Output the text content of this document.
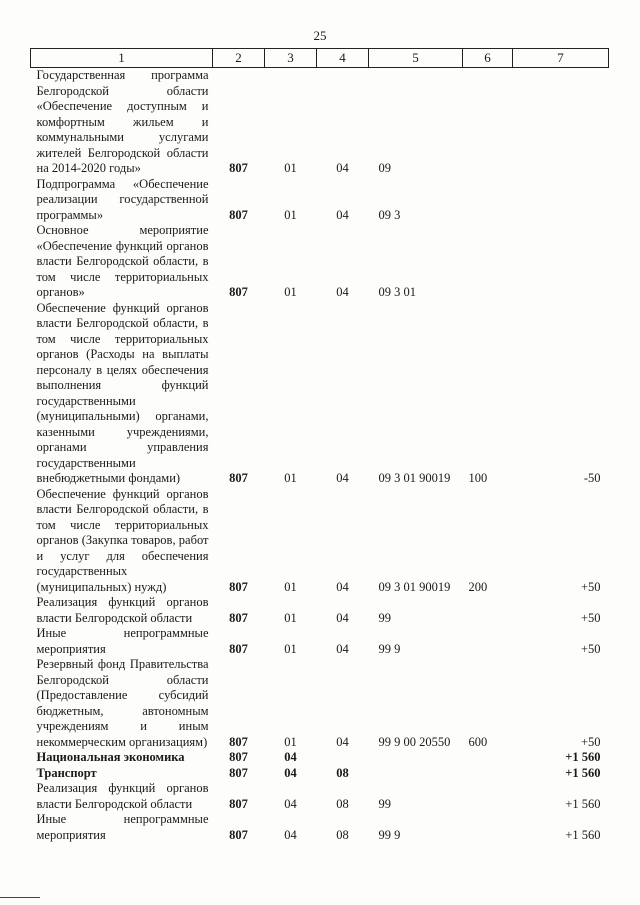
25
1	2	3	4	5	6	7
Государственная программа Белгородской области «Обеспечение доступным и комфортным жильем и коммунальными услугами жителей Белгородской области на 2014-2020 годы»	807	01	04	09		
Подпрограмма «Обеспечение реализации государственной программы»	807	01	04	09 3		
Основное мероприятие «Обеспечение функций органов власти Белгородской области, в том числе территориальных органов»	807	01	04	09 3 01		
Обеспечение функций органов власти Белгородской области, в том числе территориальных органов (Расходы на выплаты персоналу в целях обеспечения выполнения функций государственными (муниципальными) органами, казенными учреждениями, органами управления государственными внебюджетными фондами)	807	01	04	09 3 01 90019	100	-50
Обеспечение функций органов власти Белгородской области, в том числе территориальных органов (Закупка товаров, работ и услуг для обеспечения государственных (муниципальных) нужд)	807	01	04	09 3 01 90019	200	+50
Реализация функций органов власти Белгородской области	807	01	04	99		+50
Иные непрограммные мероприятия	807	01	04	99 9		+50
Резервный фонд Правительства Белгородской области (Предоставление субсидий бюджетным, автономным учреждениям и иным некоммерческим организациям)	807	01	04	99 9 00 20550	600	+50
Национальная экономика	807	04				+1 560
Транспорт	807	04	08			+1 560
Реализация функций органов власти Белгородской области	807	04	08	99		+1 560
Иные непрограммные мероприятия	807	04	08	99 9		+1 560
